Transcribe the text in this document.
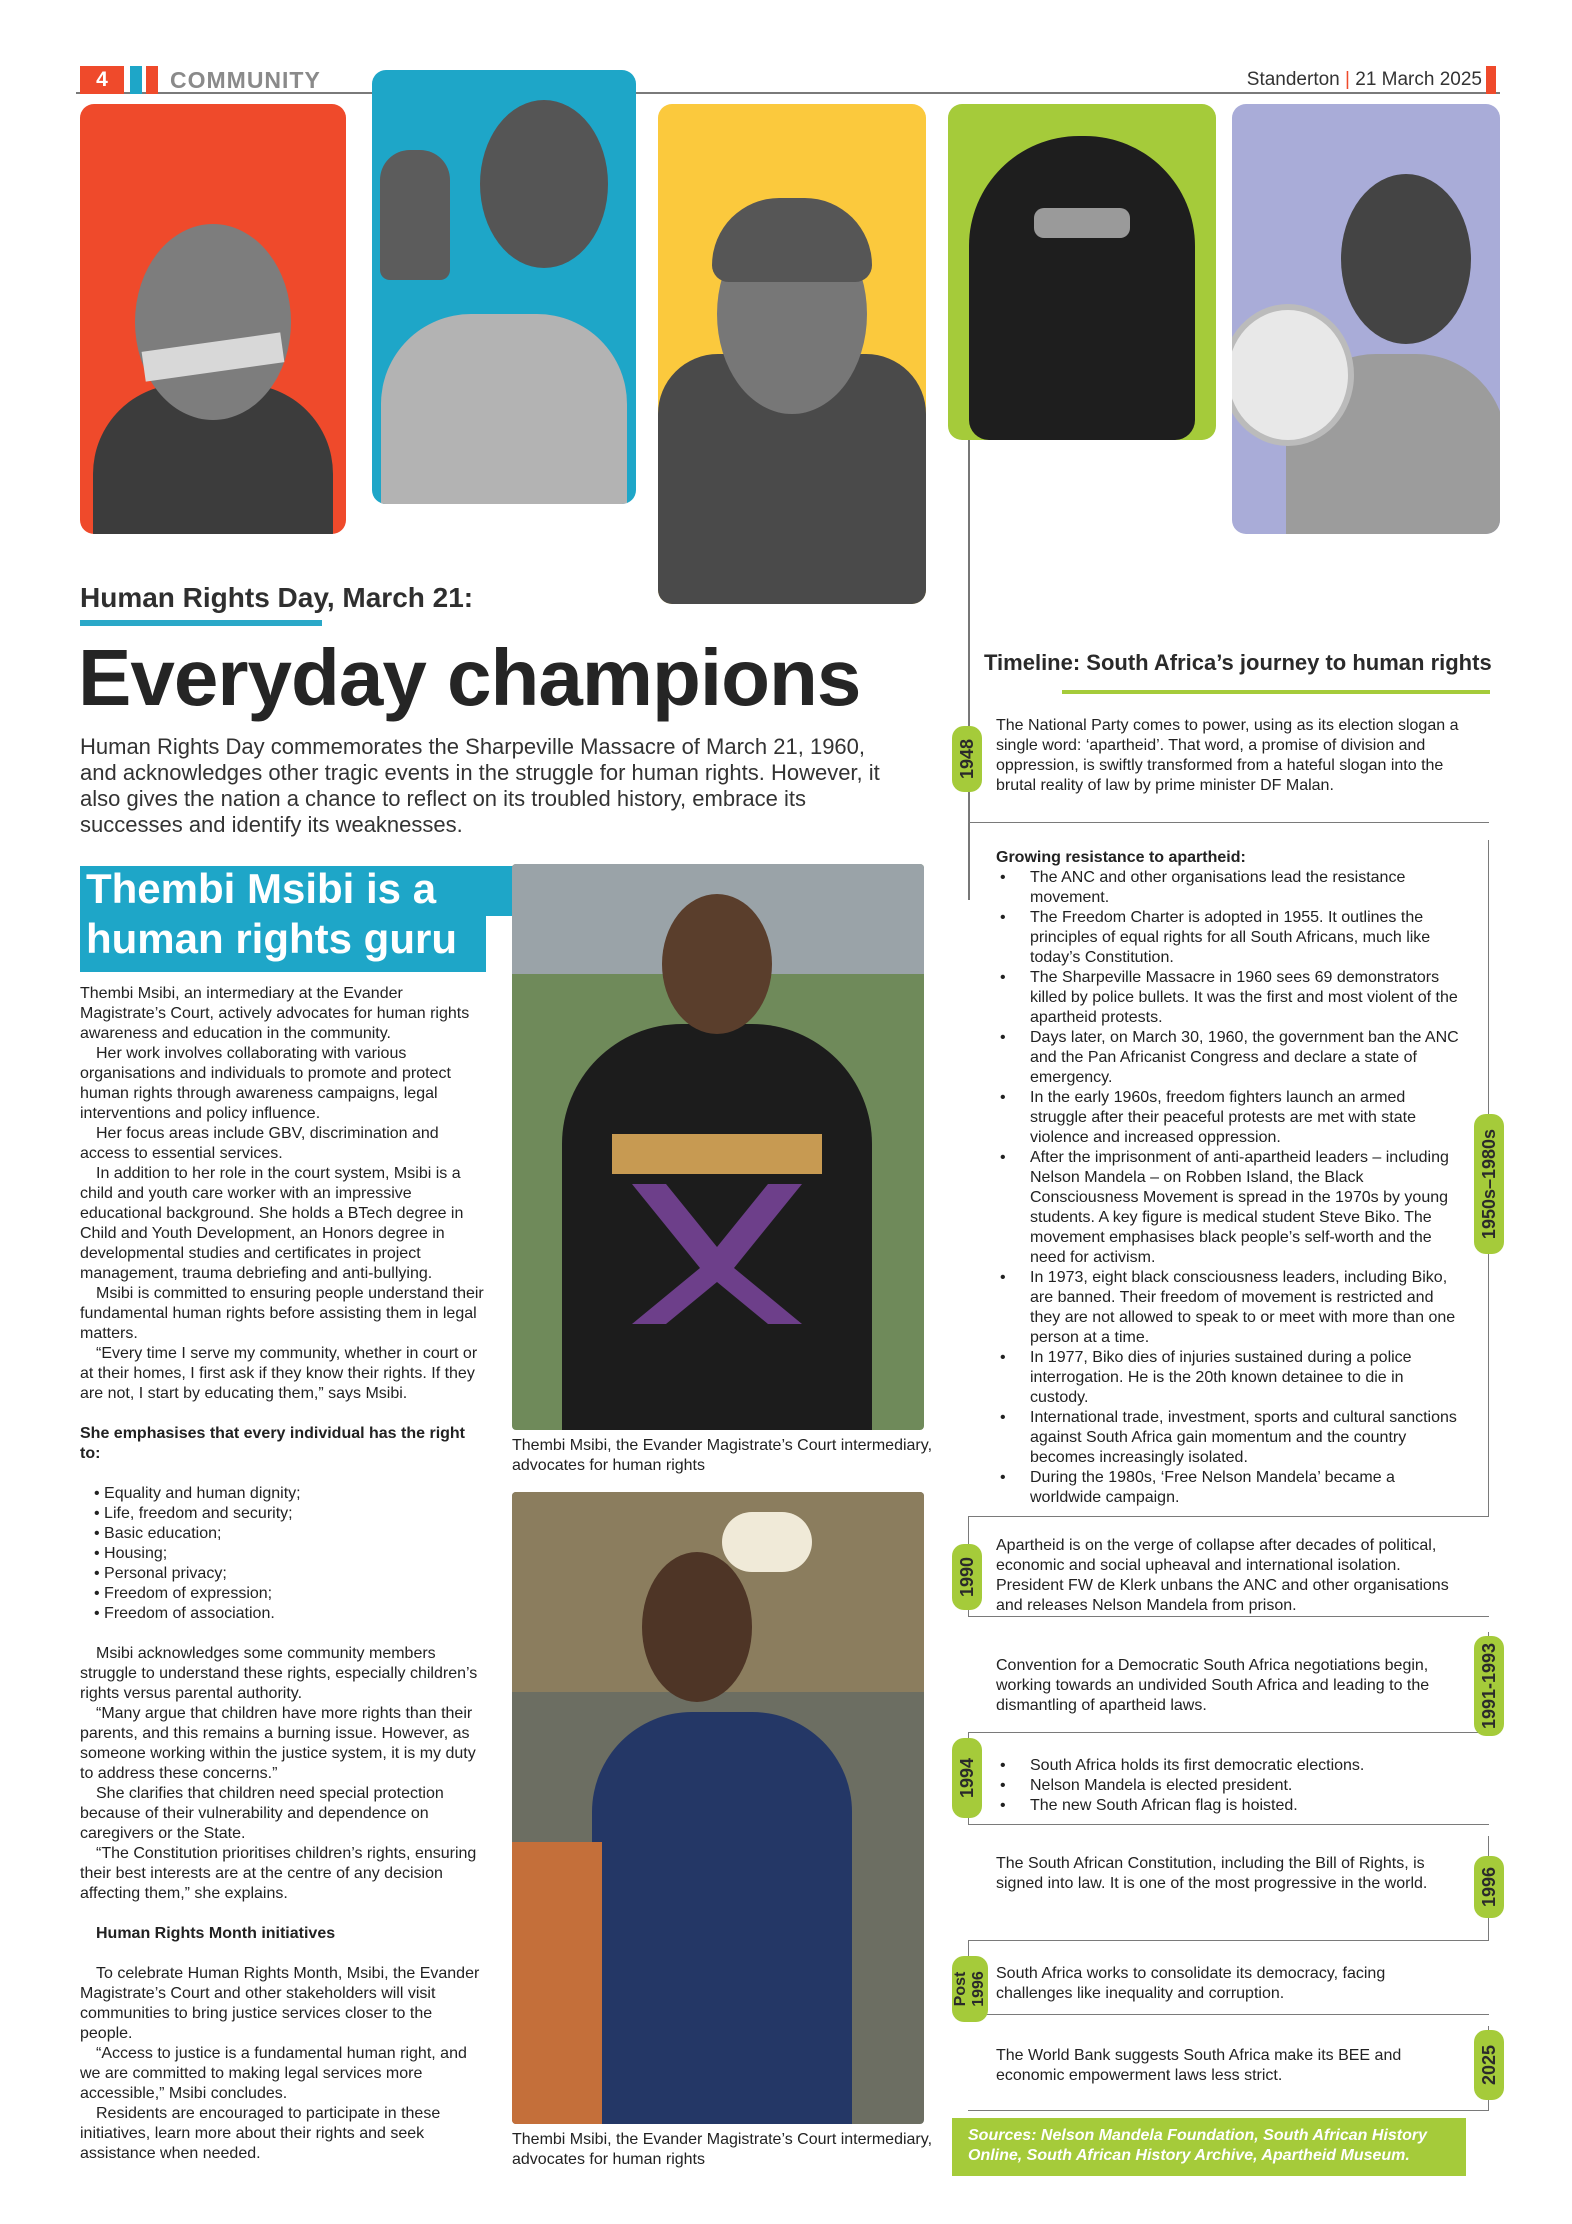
4	COMMUNITY	Standerton | 21 March 2025
Human Rights Day, March 21:
Everyday champions
Human Rights Day commemorates the Sharpeville Massacre of March 21, 1960, and acknowledges other tragic events in the struggle for human rights. However, it also gives the nation a chance to reflect on its troubled history, embrace its successes and identify its weaknesses.
Thembi Msibi is a human rights guru

Thembi Msibi, an intermediary at the Evander Magistrate’s Court, actively advocates for human rights awareness and education in the community.

Her work involves collaborating with various organisations and individuals to promote and protect human rights through awareness campaigns, legal interventions and policy influence.

Her focus areas include GBV, discrimination and access to essential services.

In addition to her role in the court system, Msibi is a child and youth care worker with an impressive educational background. She holds a BTech degree in Child and Youth Development, an Honors degree in developmental studies and certificates in project management, trauma debriefing and anti-bullying.

Msibi is committed to ensuring people understand their fundamental human rights before assisting them in legal matters.

“Every time I serve my community, whether in court or at their homes, I first ask if they know their rights. If they are not, I start by educating them,” says Msibi.

She emphasises that every individual has the right to:

• Equality and human dignity;
• Life, freedom and security;
• Basic education;
• Housing;
• Personal privacy;
• Freedom of expression;
• Freedom of association.

Msibi acknowledges some community members struggle to understand these rights, especially children’s rights versus parental authority.

“Many argue that children have more rights than their parents, and this remains a burning issue. However, as someone working within the justice system, it is my duty to address these concerns.”

She clarifies that children need special protection because of their vulnerability and dependence on caregivers or the State.

“The Constitution prioritises children’s rights, ensuring their best interests are at the centre of any decision affecting them,” she explains.

Human Rights Month initiatives

To celebrate Human Rights Month, Msibi, the Evander Magistrate’s Court and other stakeholders will visit communities to bring justice services closer to the people.

“Access to justice is a fundamental human right, and we are committed to making legal services more accessible,” Msibi concludes.

Residents are encouraged to participate in these initiatives, learn more about their rights and seek assistance when needed.

Thembi Msibi, the Evander Magistrate’s Court intermediary, advocates for human rights
Thembi Msibi, the Evander Magistrate’s Court intermediary, advocates for human rights
Timeline: South Africa’s journey to human rights
1948
The National Party comes to power, using as its election slogan a single word: ‘apartheid’. That word, a promise of division and oppression, is swiftly transformed from a hateful slogan into the brutal reality of law by prime minister DF Malan.
1950s–1980s
Growing resistance to apartheid:
• The ANC and other organisations lead the resistance movement.
• The Freedom Charter is adopted in 1955. It outlines the principles of equal rights for all South Africans, much like today’s Constitution.
• The Sharpeville Massacre in 1960 sees 69 demonstrators killed by police bullets. It was the first and most violent of the apartheid protests.
• Days later, on March 30, 1960, the government ban the ANC and the Pan Africanist Congress and declare a state of emergency.
• In the early 1960s, freedom fighters launch an armed struggle after their peaceful protests are met with state violence and increased oppression.
• After the imprisonment of anti-apartheid leaders – including Nelson Mandela – on Robben Island, the Black Consciousness Movement is spread in the 1970s by young students. A key figure is medical student Steve Biko. The movement emphasises black people’s self-worth and the need for activism.
• In 1973, eight black consciousness leaders, including Biko, are banned. Their freedom of movement is restricted and they are not allowed to speak to or meet with more than one person at a time.
• In 1977, Biko dies of injuries sustained during a police interrogation. He is the 20th known detainee to die in custody.
• International trade, investment, sports and cultural sanctions against South Africa gain momentum and the country becomes increasingly isolated.
• During the 1980s, ‘Free Nelson Mandela’ became a worldwide campaign.
1990
Apartheid is on the verge of collapse after decades of political, economic and social upheaval and international isolation. President FW de Klerk unbans the ANC and other organisations and releases Nelson Mandela from prison.
1991-1993
Convention for a Democratic South Africa negotiations begin, working towards an undivided South Africa and leading to the dismantling of apartheid laws.
1994
•	South Africa holds its first democratic elections.
• Nelson Mandela is elected president.
• The new South African flag is hoisted.
1996
The South African Constitution, including the Bill of Rights, is signed into law. It is one of the most progressive in the world.
Post 1996 South Africa works to consolidate its democracy, facing challenges like inequality and corruption.
2025
The World Bank suggests South Africa make its BEE and economic empowerment laws less strict.
Sources: Nelson Mandela Foundation, South African History Online, South African History Archive, Apartheid Museum.
